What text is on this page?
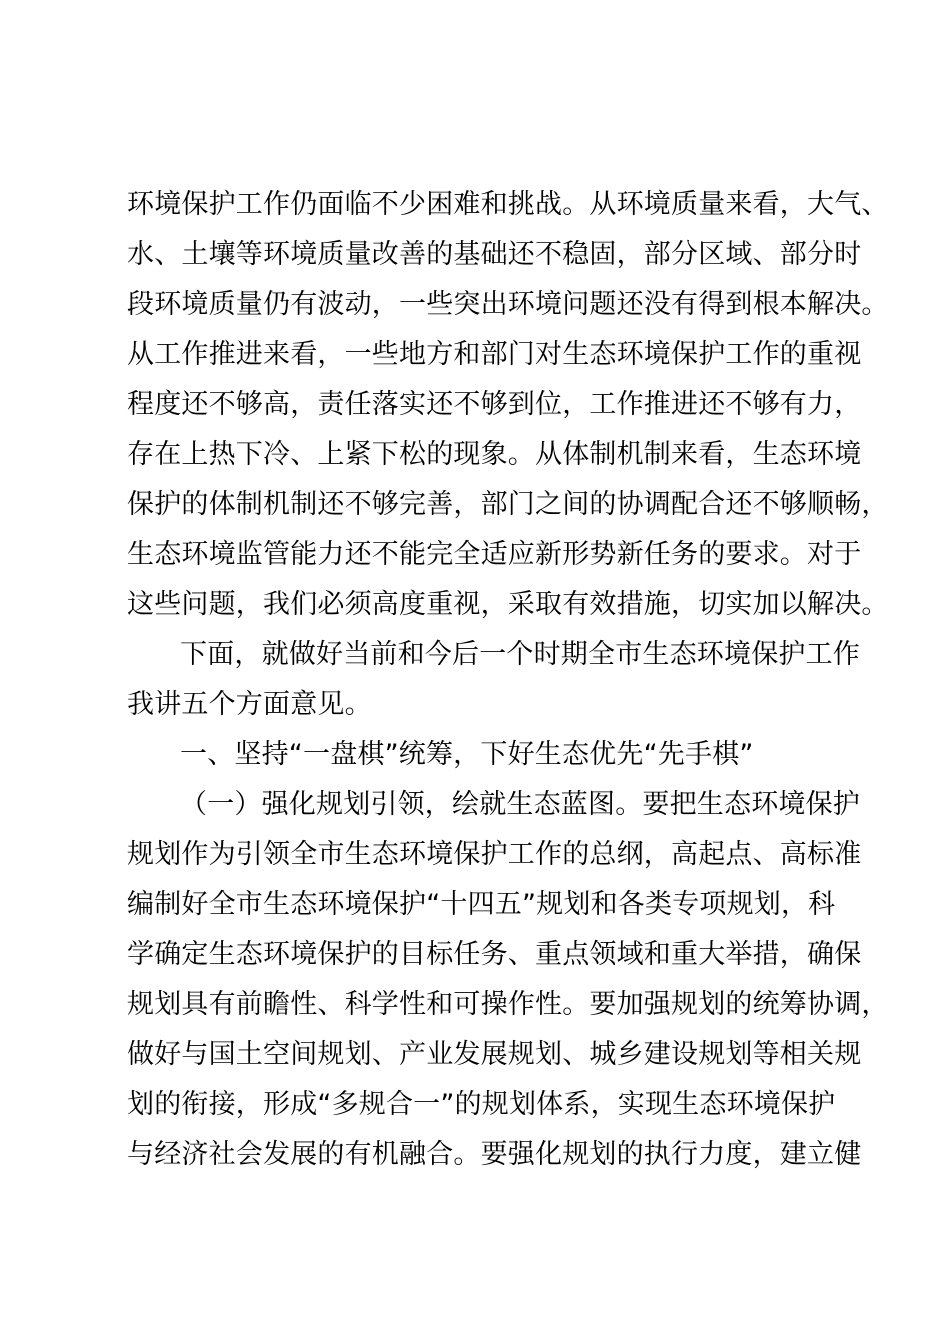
环境保护工作仍面临不少困难和挑战。从环境质量来看，大气、
水、土壤等环境质量改善的基础还不稳固，部分区域、部分时
段环境质量仍有波动，一些突出环境问题还没有得到根本解决。
从工作推进来看，一些地方和部门对生态环境保护工作的重视
程度还不够高，责任落实还不够到位，工作推进还不够有力，
存在上热下冷、上紧下松的现象。从体制机制来看，生态环境
保护的体制机制还不够完善，部门之间的协调配合还不够顺畅，
生态环境监管能力还不能完全适应新形势新任务的要求。对于
这些问题，我们必须高度重视，采取有效措施，切实加以解决。
下面，就做好当前和今后一个时期全市生态环境保护工作
我讲五个方面意见。
一、坚持“一盘棋”统筹，下好生态优先“先手棋”
（一）强化规划引领，绘就生态蓝图。要把生态环境保护
规划作为引领全市生态环境保护工作的总纲，高起点、高标准
编制好全市生态环境保护“十四五”规划和各类专项规划，科
学确定生态环境保护的目标任务、重点领域和重大举措，确保
规划具有前瞻性、科学性和可操作性。要加强规划的统筹协调，
做好与国土空间规划、产业发展规划、城乡建设规划等相关规
划的衔接，形成“多规合一”的规划体系，实现生态环境保护
与经济社会发展的有机融合。要强化规划的执行力度，建立健
